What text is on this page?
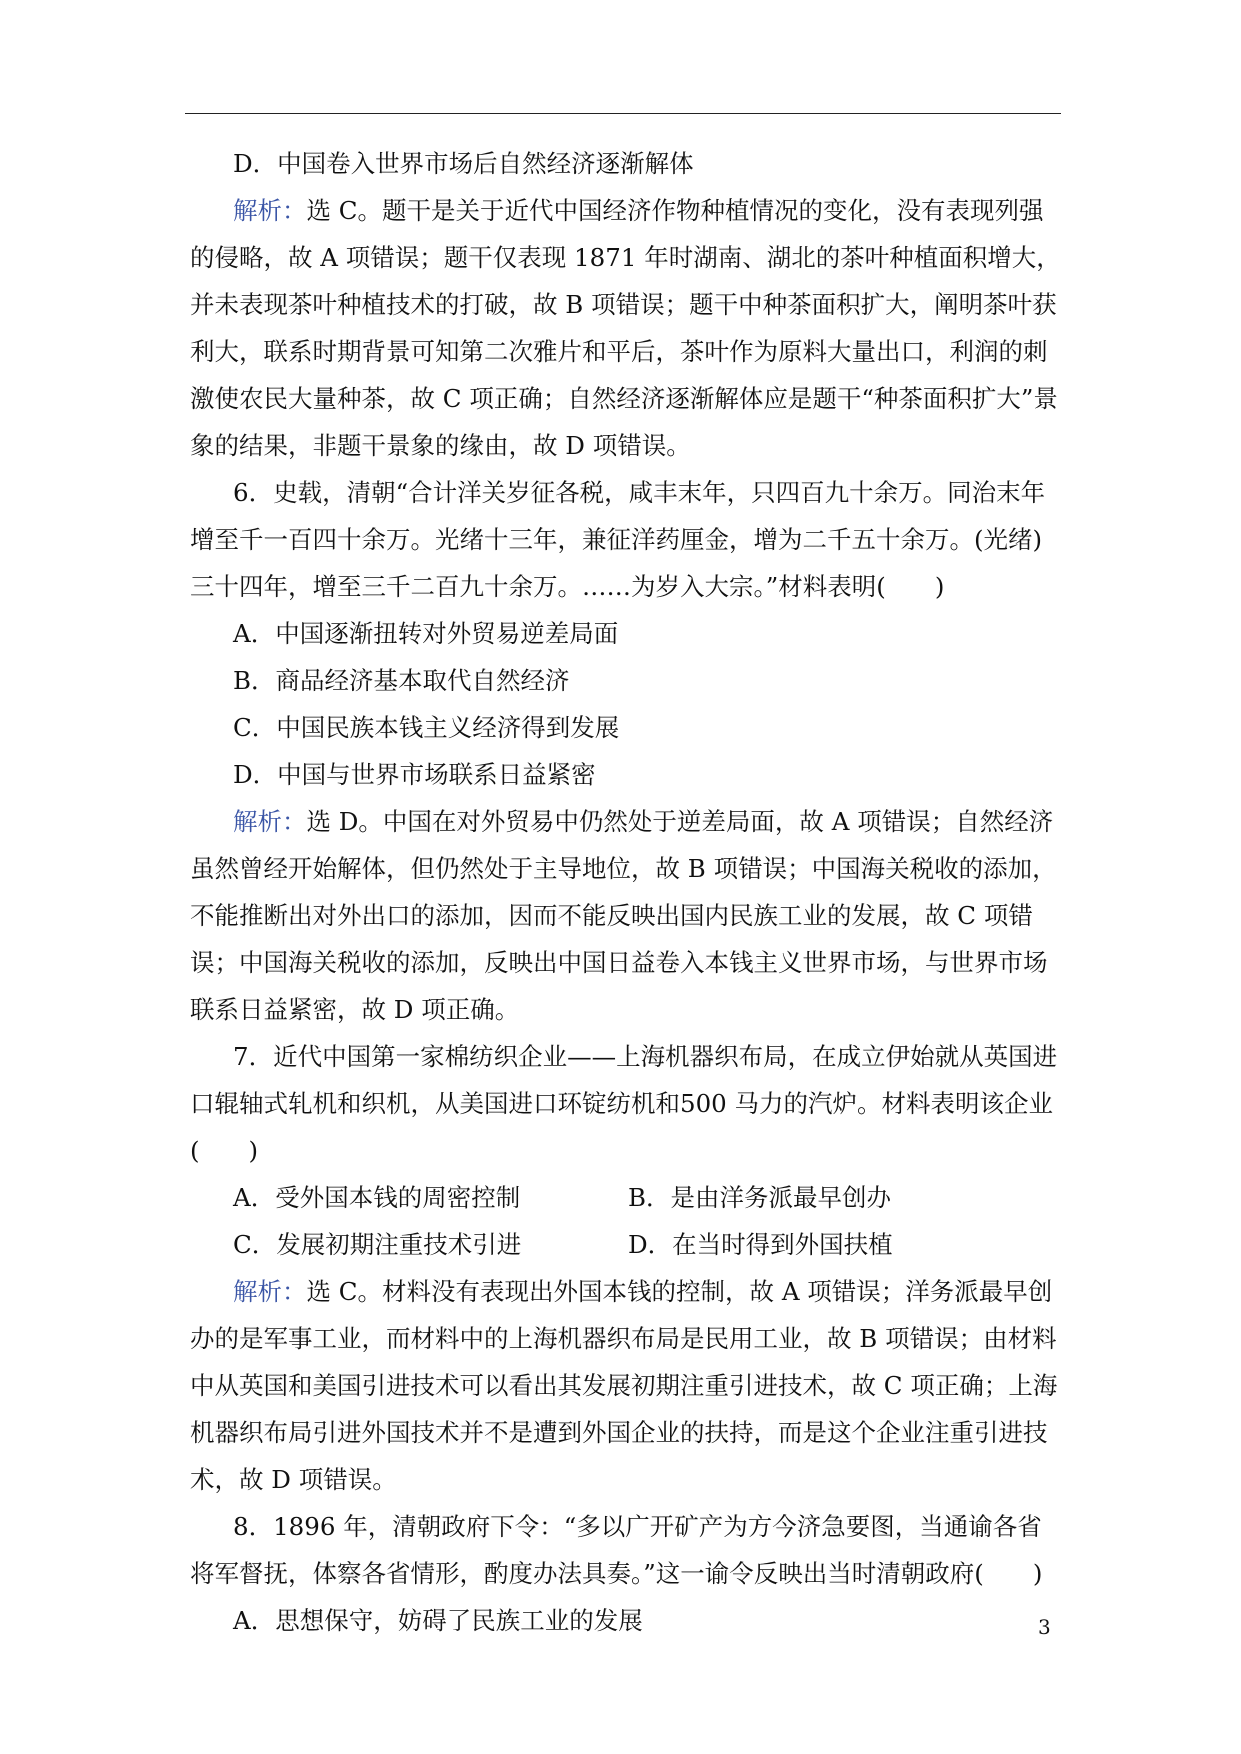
D．中国卷入世界市场后自然经济逐渐解体

解析：选 C。题干是关于近代中国经济作物种植情况的变化，没有表现列强的侵略，故 A 项错误；题干仅表现 1871 年时湖南、湖北的茶叶种植面积增大，并未表现茶叶种植技术的打破，故 B 项错误；题干中种茶面积扩大，阐明茶叶获利大，联系时期背景可知第二次雅片和平后，茶叶作为原料大量出口，利润的刺激使农民大量种茶，故 C 项正确；自然经济逐渐解体应是题干“种茶面积扩大”景象的结果，非题干景象的缘由，故 D 项错误。

6．史载，清朝“合计洋关岁征各税，咸丰末年，只四百九十余万。同治末年增至千一百四十余万。光绪十三年，兼征洋药厘金，增为二千五十余万。(光绪)三十四年，增至三千二百九十余万。……为岁入大宗。”材料表明(　　)

A．中国逐渐扭转对外贸易逆差局面

B．商品经济基本取代自然经济

C．中国民族本钱主义经济得到发展

D．中国与世界市场联系日益紧密

解析：选 D。中国在对外贸易中仍然处于逆差局面，故 A 项错误；自然经济虽然曾经开始解体，但仍然处于主导地位，故 B 项错误；中国海关税收的添加，不能推断出对外出口的添加，因而不能反映出国内民族工业的发展，故 C 项错误；中国海关税收的添加，反映出中国日益卷入本钱主义世界市场，与世界市场联系日益紧密，故 D 项正确。

7．近代中国第一家棉纺织企业——上海机器织布局，在成立伊始就从英国进口辊轴式轧机和织机，从美国进口环锭纺机和500 马力的汽炉。材料表明该企业(　　)

A．受外国本钱的周密控制	B．是由洋务派最早创办
C．发展初期注重技术引进	D．在当时得到外国扶植

解析：选 C。材料没有表现出外国本钱的控制，故 A 项错误；洋务派最早创办的是军事工业，而材料中的上海机器织布局是民用工业，故 B 项错误；由材料中从英国和美国引进技术可以看出其发展初期注重引进技术，故 C 项正确；上海机器织布局引进外国技术并不是遭到外国企业的扶持，而是这个企业注重引进技术，故 D 项错误。

8．1896 年，清朝政府下令：“多以广开矿产为方今济急要图，当通谕各省将军督抚，体察各省情形，酌度办法具奏。”这一谕令反映出当时清朝政府(　　)

A．思想保守，妨碍了民族工业的发展	3
